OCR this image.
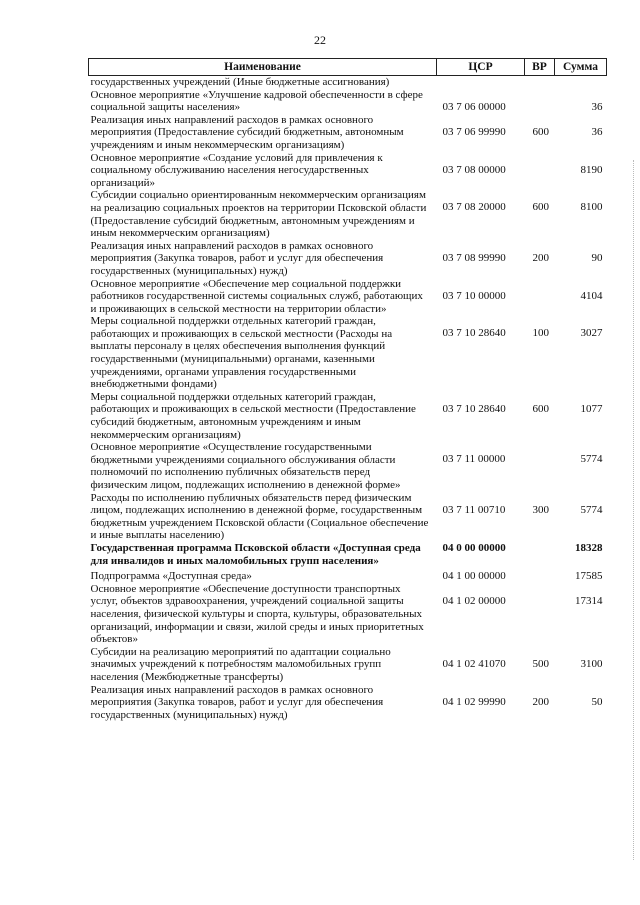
22
Наименование	ЦСР	ВР	Сумма
государственных учреждений (Иные бюджетные ассигнования)			
Основное мероприятие «Улучшение кадровой обеспеченности в сфере социальной защиты населения»	03 7 06 00000		36
Реализация иных направлений расходов в рамках основного мероприятия (Предоставление субсидий бюджетным, автономным учреждениям и иным некоммерческим организациям)	03 7 06 99990	600	36
Основное мероприятие «Создание условий для привлечения к социальному обслуживанию населения негосударственных организаций»	03 7 08 00000		8190
Субсидии социально ориентированным некоммерческим организациям на реализацию социальных проектов на территории Псковской области (Предоставление субсидий бюджетным, автономным учреждениям и иным некоммерческим организациям)	03 7 08 20000	600	8100
Реализация иных направлений расходов в рамках основного мероприятия (Закупка товаров, работ и услуг для обеспечения государственных (муниципальных) нужд)	03 7 08 99990	200	90
Основное мероприятие «Обеспечение мер социальной поддержки работников государственной системы социальных служб, работающих и проживающих в сельской местности на территории области»	03 7 10 00000		4104
Меры социальной поддержки отдельных категорий граждан, работающих и проживающих в сельской местности (Расходы на выплаты персоналу в целях обеспечения выполнения функций государственными (муниципальными) органами, казенными учреждениями, органами управления государственными внебюджетными фондами)	03 7 10 28640	100	3027
Меры социальной поддержки отдельных категорий граждан, работающих и проживающих в сельской местности (Предоставление субсидий бюджетным, автономным учреждениям и иным некоммерческим организациям)	03 7 10 28640	600	1077
Основное мероприятие «Осуществление государственными бюджетными учреждениями социального обслуживания области полномочий по исполнению публичных обязательств перед физическим лицом, подлежащих исполнению в денежной форме»	03 7 11 00000		5774
Расходы по исполнению публичных обязательств перед физическим лицом, подлежащих исполнению в денежной форме, государственным бюджетным учреждением Псковской области (Социальное обеспечение и иные выплаты населению)	03 7 11 00710	300	5774
Государственная программа Псковской области «Доступная среда для инвалидов и иных маломобильных групп населения»	04 0 00 00000		18328
Подпрограмма «Доступная среда»	04 1 00 00000		17585
Основное мероприятие «Обеспечение доступности транспортных услуг, объектов здравоохранения, учреждений социальной защиты населения, физической культуры и спорта, культуры, образовательных организаций, информации и связи, жилой среды и иных приоритетных объектов»	04 1 02 00000		17314
Субсидии на реализацию мероприятий по адаптации социально значимых учреждений к потребностям маломобильных групп населения (Межбюджетные трансферты)	04 1 02 41070	500	3100
Реализация иных направлений расходов в рамках основного мероприятия (Закупка товаров, работ и услуг для обеспечения государственных (муниципальных) нужд)	04 1 02 99990	200	50
